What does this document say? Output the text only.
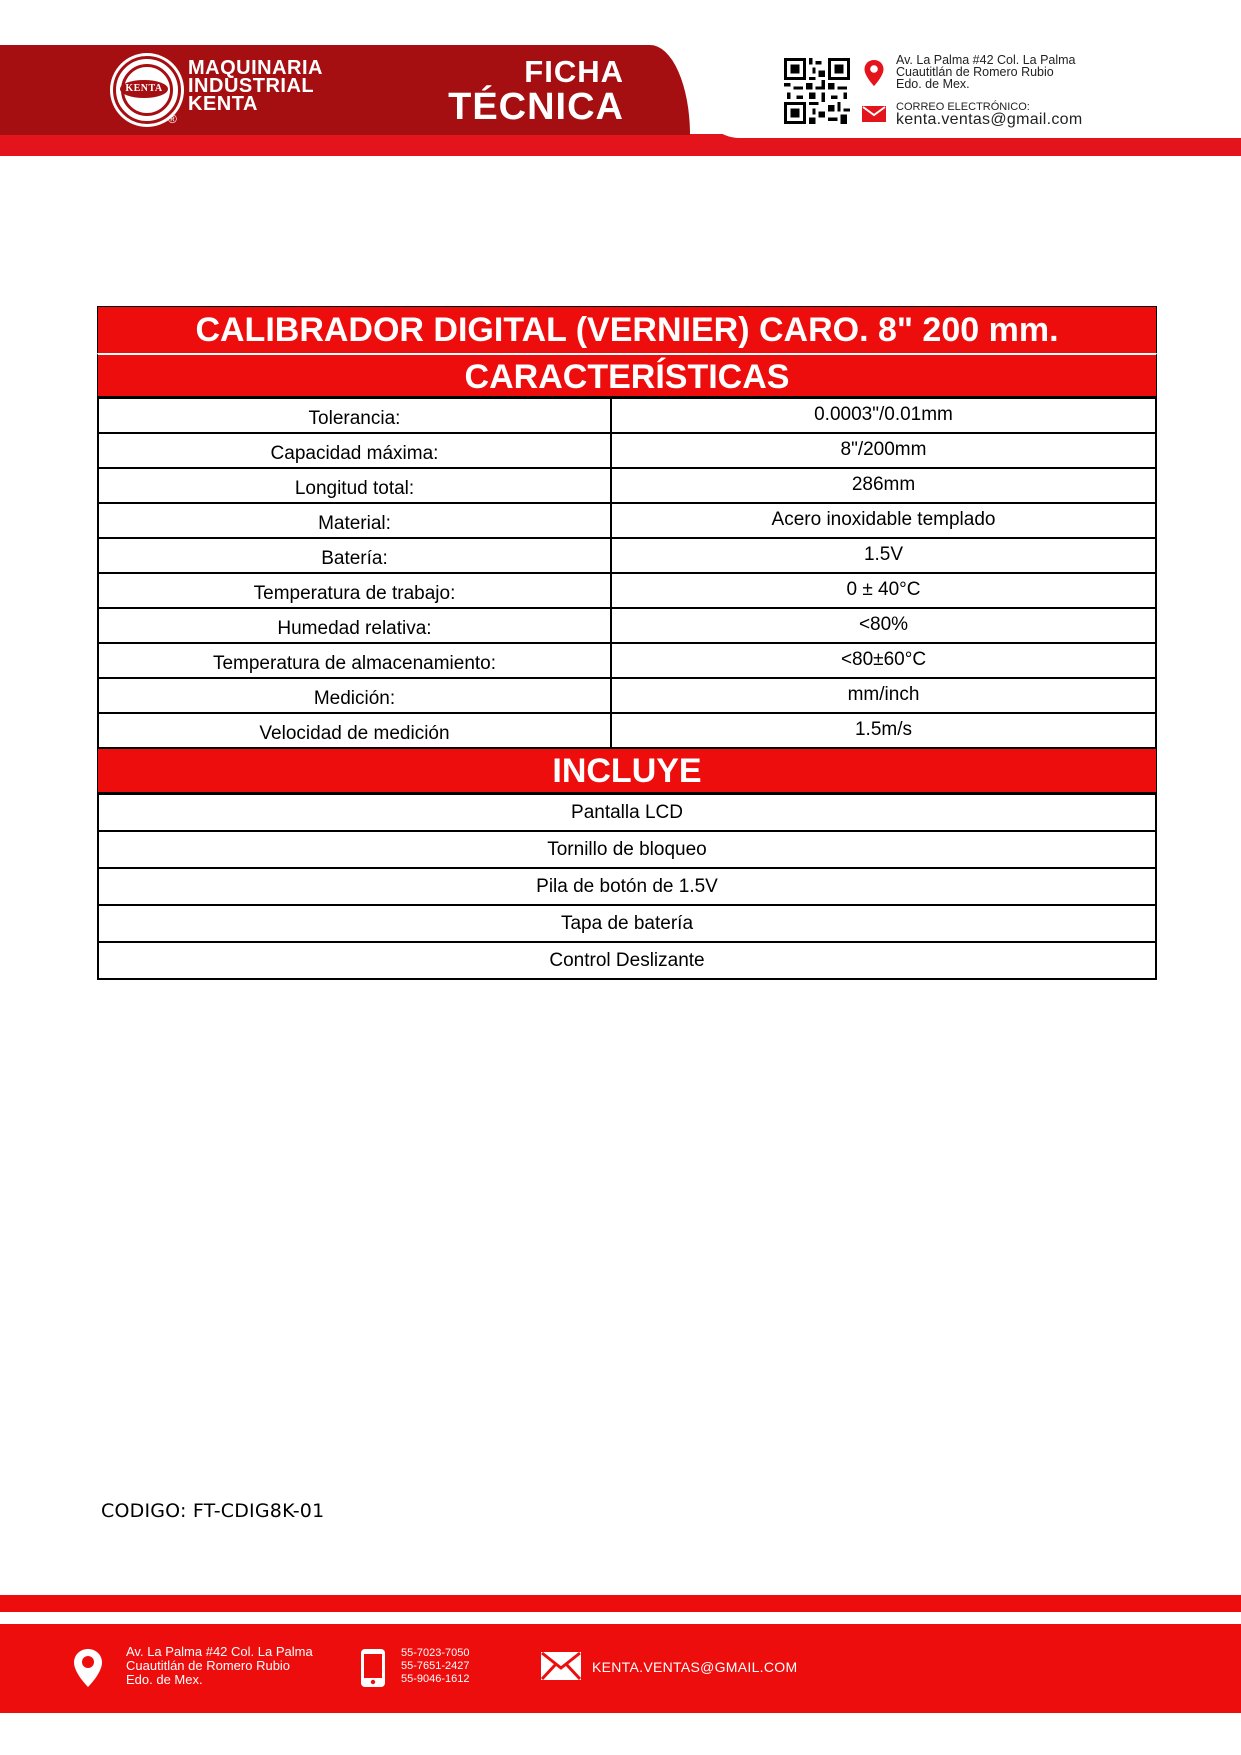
KENTA
®
MAQUINARIA
INDUSTRIAL
KENTA
FICHA
TÉCNICA
Av. La Palma #42 Col. La Palma
Cuautitlán de Romero Rubio
Edo. de Mex.
CORREO ELECTRÓNICO:
kenta.ventas@gmail.com
CALIBRADOR DIGITAL (VERNIER) CARO. 8" 200 mm.
CARACTERÍSTICAS
Tolerancia:	0.0003"/0.01mm
Capacidad máxima:	8"/200mm
Longitud total:	286mm
Material:	Acero inoxidable templado
Batería:	1.5V
Temperatura de trabajo:	0 ± 40°C
Humedad relativa:	<80%
Temperatura de almacenamiento:	<80±60°C
Medición:	mm/inch
Velocidad de medición	1.5m/s
INCLUYE
Pantalla LCD
Tornillo de bloqueo
Pila de botón de 1.5V
Tapa de batería
Control Deslizante
CODIGO: FT-CDIG8K-01
Av. La Palma #42 Col. La Palma
Cuautitlán de Romero Rubio
Edo. de Mex.
55-7023-7050
55-7651-2427
55-9046-1612
KENTA.VENTAS@GMAIL.COM
